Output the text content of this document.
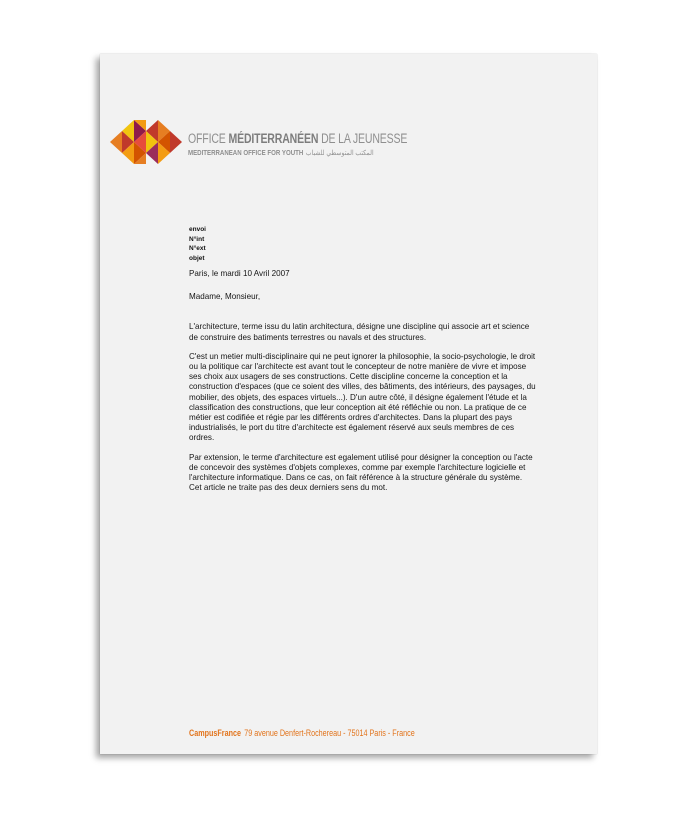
OFFICE MÉDITERRANÉEN DE LA JEUNESSE
MEDITERRANEAN OFFICE FOR YOUTH المكتب المتوسطي للشباب
envoi
N°int
N°ext
objet

Paris, le mardi 10 Avril 2007

Madame, Monsieur,

L'architecture, terme issu du latin architectura, désigne une discipline qui associe art et science de construire des batiments terrestres ou navals et des structures.

C'est un metier multi-disciplinaire qui ne peut ignorer la philosophie, la socio-psychologie, le droit ou la politique car l'architecte est avant tout le concepteur de notre manière de vivre et impose ses choix aux usagers de ses constructions. Cette discipline concerne la conception et la construction d'espaces (que ce soient des villes, des bâtiments, des intérieurs, des paysages, du mobilier, des objets, des espaces virtuels...). D'un autre côté, il désigne également l'étude et la classification des constructions, que leur conception ait été réfléchie ou non. La pratique de ce métier est codifiée et régie par les différents ordres d'architectes. Dans la plupart des pays industrialisés, le port du titre d'architecte est également réservé aux seuls membres de ces ordres.

Par extension, le terme d'architecture est egalement utilisé pour désigner la conception ou l'acte de concevoir des systèmes d'objets complexes, comme par exemple l'architecture logicielle et l'architecture informatique. Dans ce cas, on fait référence à la structure générale du système.

Cet article ne traite pas des deux derniers sens du mot.

CampusFrance 79 avenue Denfert-Rochereau - 75014 Paris - France
